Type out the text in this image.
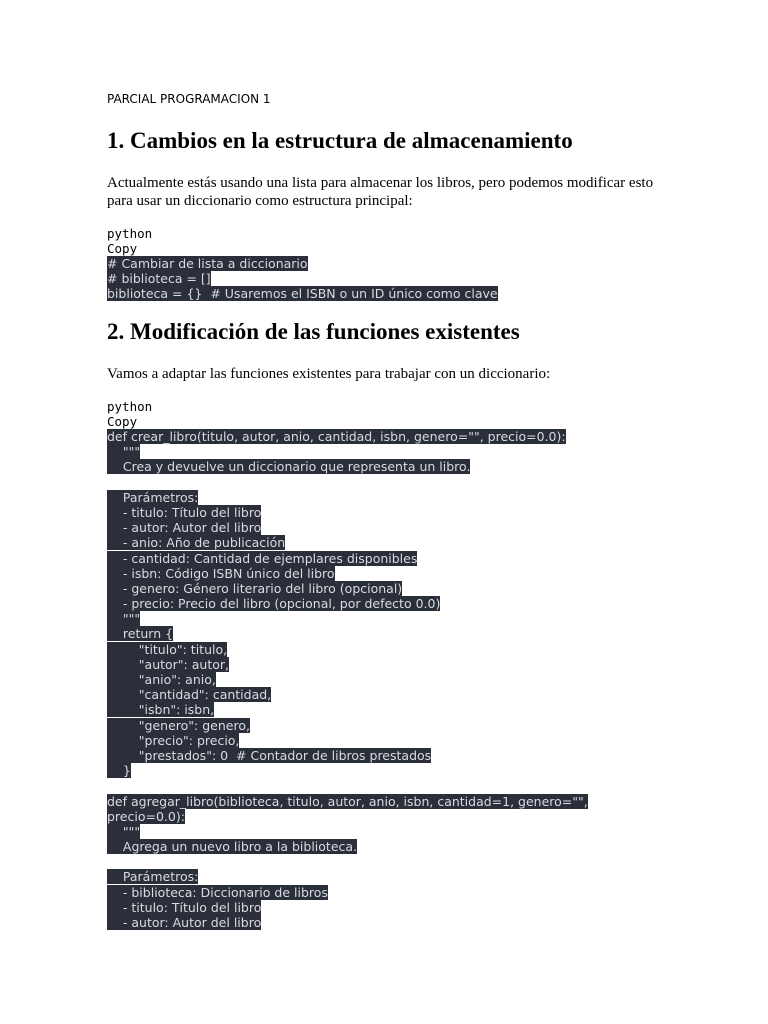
PARCIAL PROGRAMACION 1
1. Cambios en la estructura de almacenamiento

Actualmente estás usando una lista para almacenar los libros, pero podemos modificar esto para usar un diccionario como estructura principal:

python
Copy
# Cambiar de lista a diccionario
# biblioteca = []
biblioteca = {}  # Usaremos el ISBN o un ID único como clave
2. Modificación de las funciones existentes

Vamos a adaptar las funciones existentes para trabajar con un diccionario:

python
Copy
def crear_libro(titulo, autor, anio, cantidad, isbn, genero="", precio=0.0):
"""
Crea y devuelve un diccionario que representa un libro.
Parámetros:
- titulo: Título del libro
- autor: Autor del libro
- anio: Año de publicación
- cantidad: Cantidad de ejemplares disponibles
- isbn: Código ISBN único del libro
- genero: Género literario del libro (opcional)
- precio: Precio del libro (opcional, por defecto 0.0)
"""
return {
"titulo": titulo,
"autor": autor,
"anio": anio,
"cantidad": cantidad,
"isbn": isbn,
"genero": genero,
"precio": precio,
"prestados": 0  # Contador de libros prestados
}
def agregar_libro(biblioteca, titulo, autor, anio, isbn, cantidad=1, genero="",
precio=0.0):
"""
Agrega un nuevo libro a la biblioteca.
Parámetros:
- biblioteca: Diccionario de libros
- titulo: Título del libro
- autor: Autor del libro
